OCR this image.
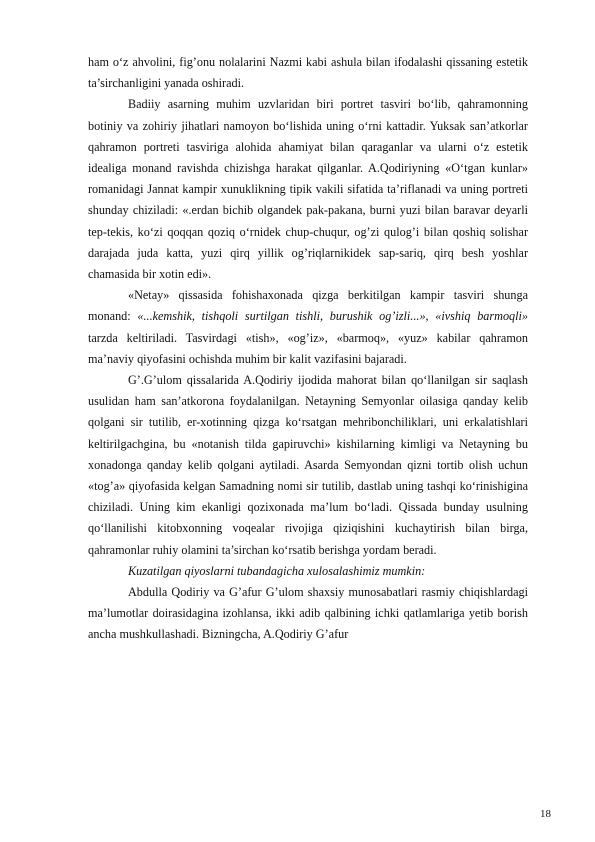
ham o‘z ahvolini, fig’onu nolalarini Nazmi kabi ashula bilan ifodalashi qissaning estetik ta’sirchanligini yanada oshiradi.

Badiiy asarning muhim uzvlaridan biri portret tasviri bo‘lib, qahramonning botiniy va zohiriy jihatlari namoyon bo‘lishida uning o‘rni kattadir. Yuksak san’atkorlar qahramon portreti tasviriga alohida ahamiyat bilan qaraganlar va ularni o‘z estetik idealiga monand ravishda chizishga harakat qilganlar. A.Qodiriyning «O‘tgan kunlar» romanidagi Jannat kampir xunuklikning tipik vakili sifatida ta’riflanadi va uning portreti shunday chiziladi: «.erdan bichib olgandek pak-pakana, burni yuzi bilan baravar deyarli tep-tekis, ko‘zi qoqqan qoziq o‘rnidek chup-chuqur, og’zi qulog’i bilan qoshiq solishar darajada juda katta, yuzi qirq yillik og’riqlarnikidek sap-sariq, qirq besh yoshlar chamasida bir xotin edi».

«Netay» qissasida fohishaxonada qizga berkitilgan kampir tasviri shunga monand: «...kemshik, tishqoli surtilgan tishli, burushik og’izli...», «ivshiq barmoqli» tarzda keltiriladi. Tasvirdagi «tish», «og’iz», «barmoq», «yuz» kabilar qahramon ma’naviy qiyofasini ochishda muhim bir kalit vazifasini bajaradi.

G’.G’ulom qissalarida A.Qodiriy ijodida mahorat bilan qo‘llanilgan sir saqlash usulidan ham san’atkorona foydalanilgan. Netayning Semyonlar oilasiga qanday kelib qolgani sir tutilib, er-xotinning qizga ko‘rsatgan mehribonchiliklari, uni erkalatishlari keltirilgachgina, bu «notanish tilda gapiruvchi» kishilarning kimligi va Netayning bu xonadonga qanday kelib qolgani aytiladi. Asarda Semyondan qizni tortib olish uchun «tog’a» qiyofasida kelgan Samadning nomi sir tutilib, dastlab uning tashqi ko‘rinishigina chiziladi. Uning kim ekanligi qozixonada ma’lum bo‘ladi. Qissada bunday usulning qo‘llanilishi kitobxonning voqealar rivojiga qiziqishini kuchaytirish bilan birga, qahramonlar ruhiy olamini ta’sirchan ko‘rsatib berishga yordam beradi.

Kuzatilgan qiyoslarni tubandagicha xulosalashimiz mumkin:

Abdulla Qodiriy va G’afur G’ulom shaxsiy munosabatlari rasmiy chiqishlardagi ma’lumotlar doirasidagina izohlansa, ikki adib qalbining ichki qatlamlariga yetib borish ancha mushkullashadi. Bizningcha, A.Qodiriy G’afur

18
